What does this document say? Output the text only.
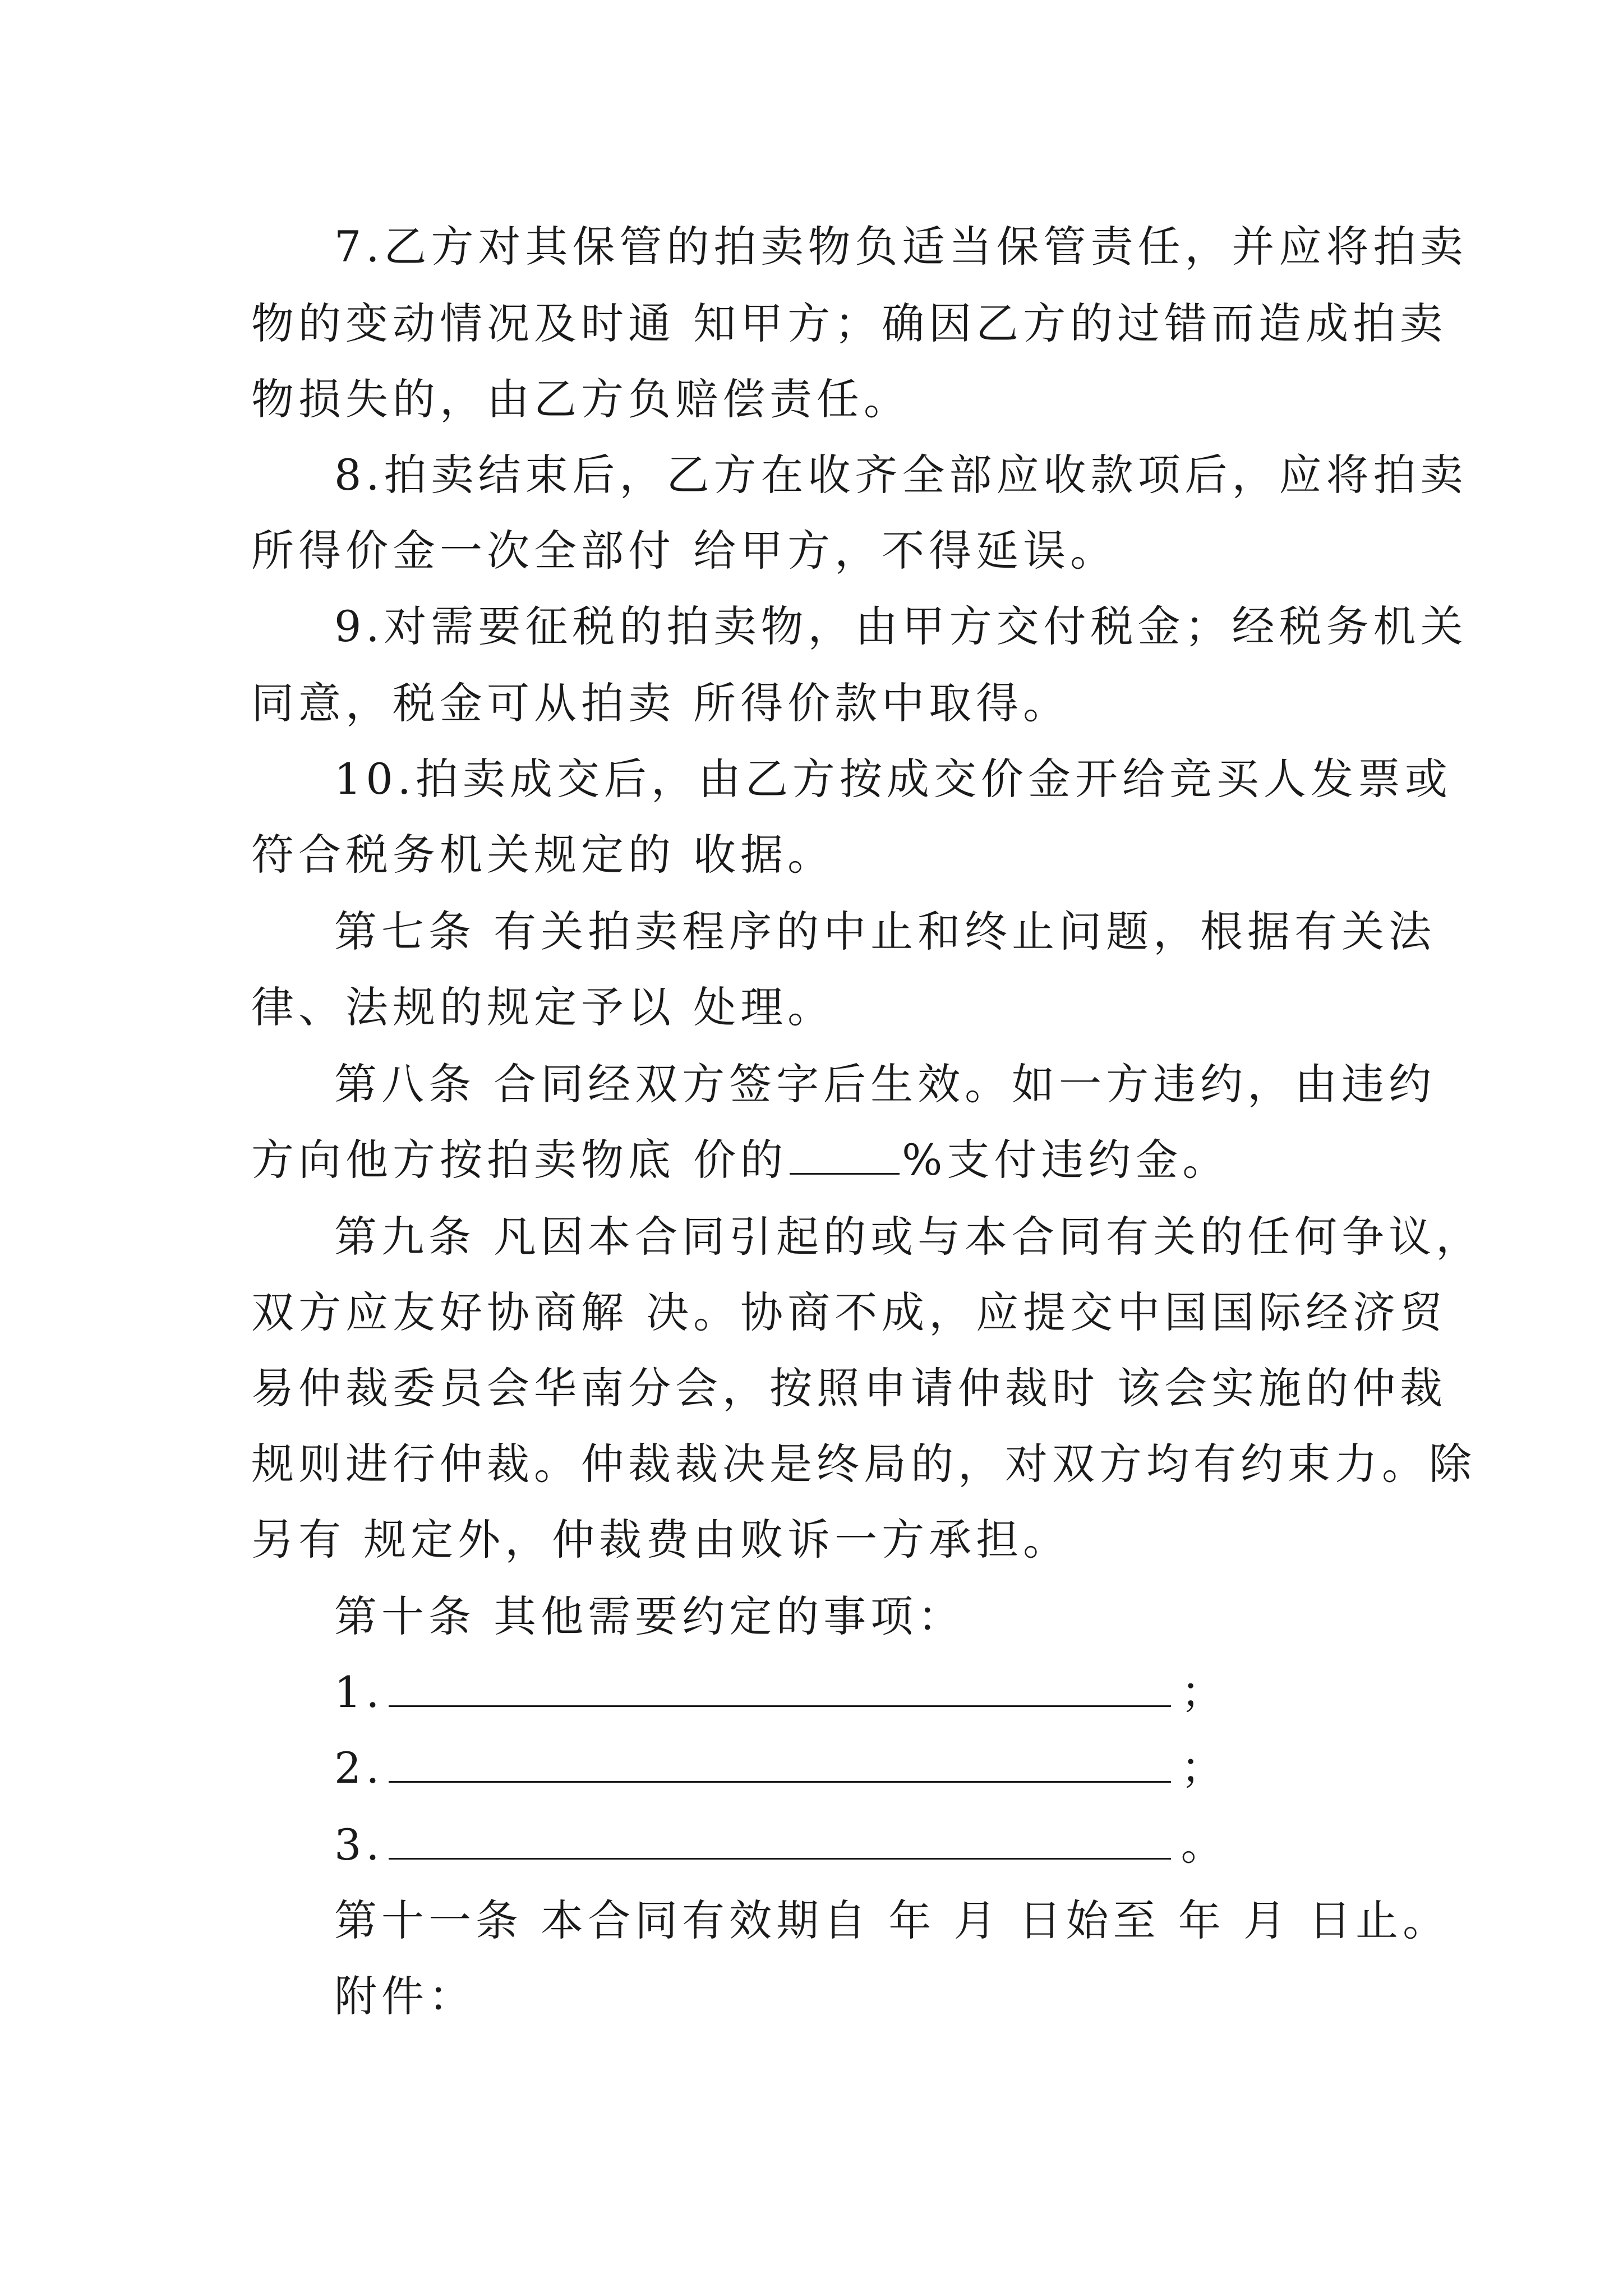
7.乙方对其保管的拍卖物负适当保管责任，并应将拍卖
物的变动情况及时通 知甲方；确因乙方的过错而造成拍卖
物损失的，由乙方负赔偿责任。
8.拍卖结束后，乙方在收齐全部应收款项后，应将拍卖
所得价金一次全部付 给甲方，不得延误。
9.对需要征税的拍卖物，由甲方交付税金；经税务机关
同意，税金可从拍卖 所得价款中取得。
10.拍卖成交后，由乙方按成交价金开给竞买人发票或
符合税务机关规定的 收据。
第七条 有关拍卖程序的中止和终止问题，根据有关法
律、法规的规定予以 处理。
第八条 合同经双方签字后生效。如一方违约，由违约
方向他方按拍卖物底 价的	%支付违约金。
第九条 凡因本合同引起的或与本合同有关的任何争议，
双方应友好协商解 决。协商不成，应提交中国国际经济贸
易仲裁委员会华南分会，按照申请仲裁时 该会实施的仲裁
规则进行仲裁。仲裁裁决是终局的，对双方均有约束力。除
另有 规定外，仲裁费由败诉一方承担。
第十条 其他需要约定的事项：
1.	；
2.	；
3.	。
第十一条 本合同有效期自 年 月 日始至 年 月 日止。
附件：
